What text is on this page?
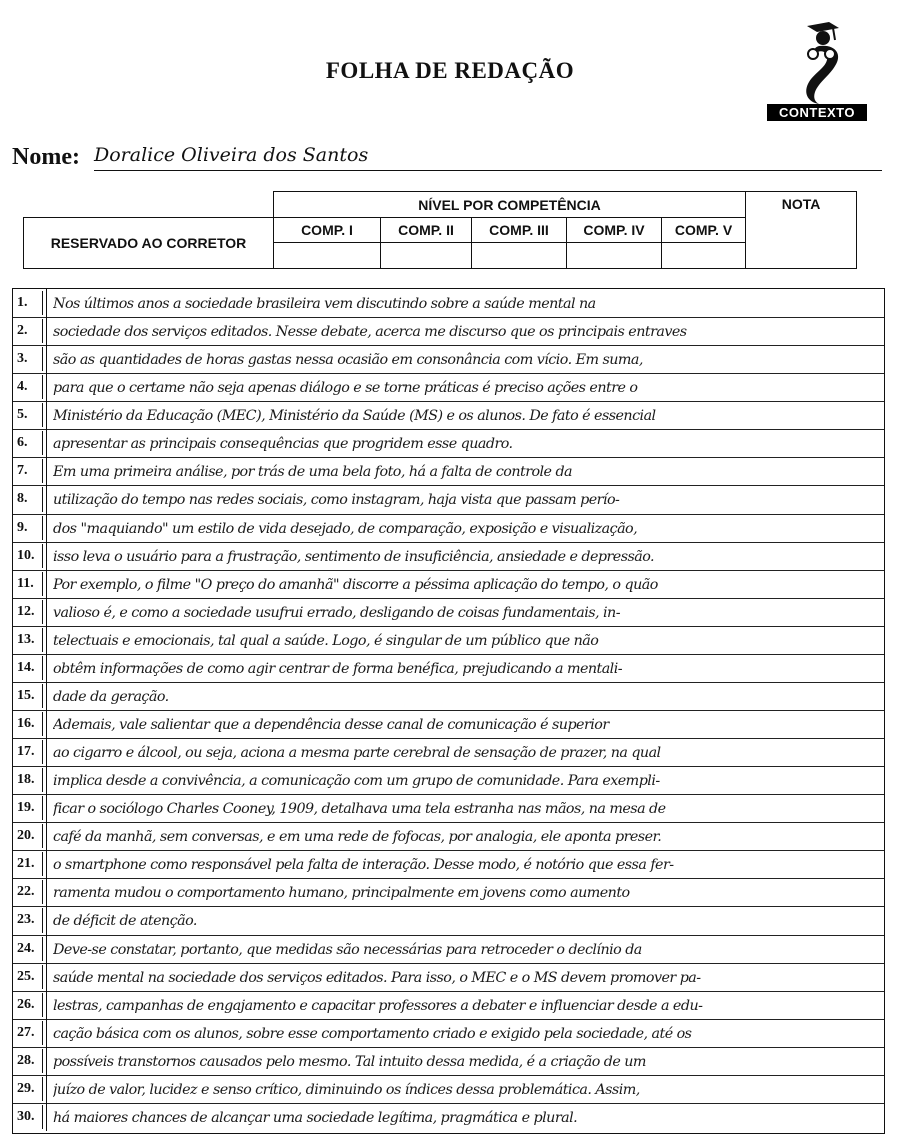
FOLHA DE REDAÇÃO
CONTEXTO
Nome: Doralice Oliveira dos Santos
	NÍVEL POR COMPETÊNCIA					NOTA
RESERVADO AO CORRETOR	COMP. I	COMP. II	COMP. III	COMP. IV	COMP. V	

1.	Nos últimos anos a sociedade brasileira vem discutindo sobre a saúde mental na
2.	sociedade dos serviços editados. Nesse debate, acerca me discurso que os principais entraves
3.	são as quantidades de horas gastas nessa ocasião em consonância com vício. Em suma,
4.	para que o certame não seja apenas diálogo e se torne práticas é preciso ações entre o
5.	Ministério da Educação (MEC), Ministério da Saúde (MS) e os alunos. De fato é essencial
6.	apresentar as principais consequências que progridem esse quadro.
7.	Em uma primeira análise, por trás de uma bela foto, há a falta de controle da
8.	utilização do tempo nas redes sociais, como instagram, haja vista que passam perío-
9.	dos "maquiando" um estilo de vida desejado, de comparação, exposição e visualização,
10.	isso leva o usuário para a frustração, sentimento de insuficiência, ansiedade e depressão.
11.	Por exemplo, o filme "O preço do amanhã" discorre a péssima aplicação do tempo, o quão
12.	valioso é, e como a sociedade usufrui errado, desligando de coisas fundamentais, in-
13.	telectuais e emocionais, tal qual a saúde. Logo, é singular de um público que não
14.	obtêm informações de como agir centrar de forma benéfica, prejudicando a mentali-
15.	dade da geração.
16.	Ademais, vale salientar que a dependência desse canal de comunicação é superior
17.	ao cigarro e álcool, ou seja, aciona a mesma parte cerebral de sensação de prazer, na qual
18.	implica desde a convivência, a comunicação com um grupo de comunidade. Para exempli-
19.	ficar o sociólogo Charles Cooney, 1909, detalhava uma tela estranha nas mãos, na mesa de
20.	café da manhã, sem conversas, e em uma rede de fofocas, por analogia, ele aponta preser.
21.	o smartphone como responsável pela falta de interação. Desse modo, é notório que essa fer-
22.	ramenta mudou o comportamento humano, principalmente em jovens como aumento
23.	de déficit de atenção.
24.	Deve-se constatar, portanto, que medidas são necessárias para retroceder o declínio da
25.	saúde mental na sociedade dos serviços editados. Para isso, o MEC e o MS devem promover pa-
26.	lestras, campanhas de engajamento e capacitar professores a debater e influenciar desde a edu-
27.	cação básica com os alunos, sobre esse comportamento criado e exigido pela sociedade, até os
28.	possíveis transtornos causados pelo mesmo. Tal intuito dessa medida, é a criação de um
29.	juízo de valor, lucidez e senso crítico, diminuindo os índices dessa problemática. Assim,
30.	há maiores chances de alcançar uma sociedade legítima, pragmática e plural.
